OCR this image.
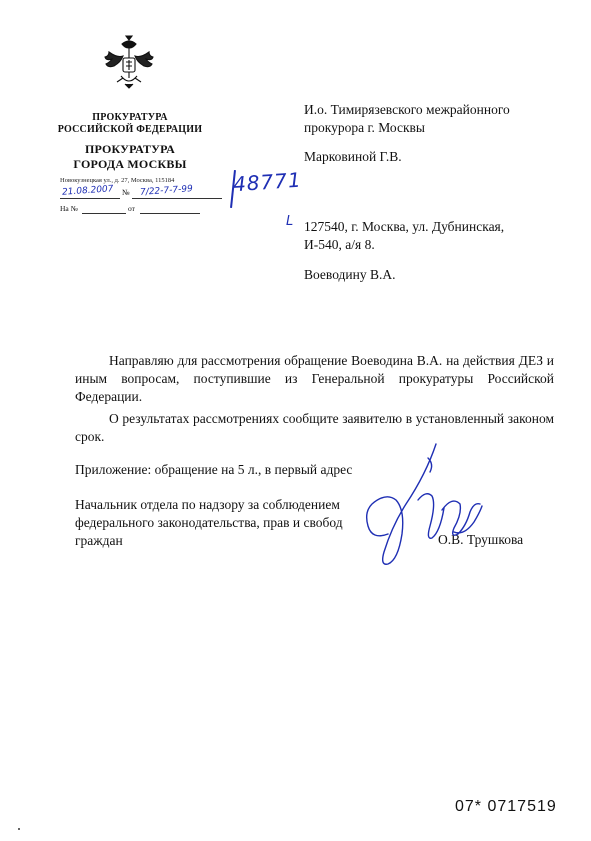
ПРОКУРАТУРА
РОССИЙСКОЙ ФЕДЕРАЦИИ
ПРОКУРАТУРА
ГОРОДА МОСКВЫ
Новокузнецкая ул., д. 27, Москва, 115184
№
21.08.2007	7/22-7-7-99
На №	от
48771
L
И.о. Тимирязевского межрайонного
прокурора г. Москвы
Марковиной Г.В.
127540, г. Москва, ул. Дубнинская,
И-540, а/я 8.
Воеводину В.А.
Направляю для рассмотрения обращение Воеводина В.А. на действия ДЕЗ и иным вопросам, поступившие из Генеральной прокуратуры Российской Федерации.
О результатах рассмотрениях сообщите заявителю в установленный законом срок.
Приложение: обращение на 5 л., в первый адрес
Начальник отдела по надзору за соблюдением
федерального законодательства, прав и свобод
граждан	О.В. Трушкова
07* 0717519
